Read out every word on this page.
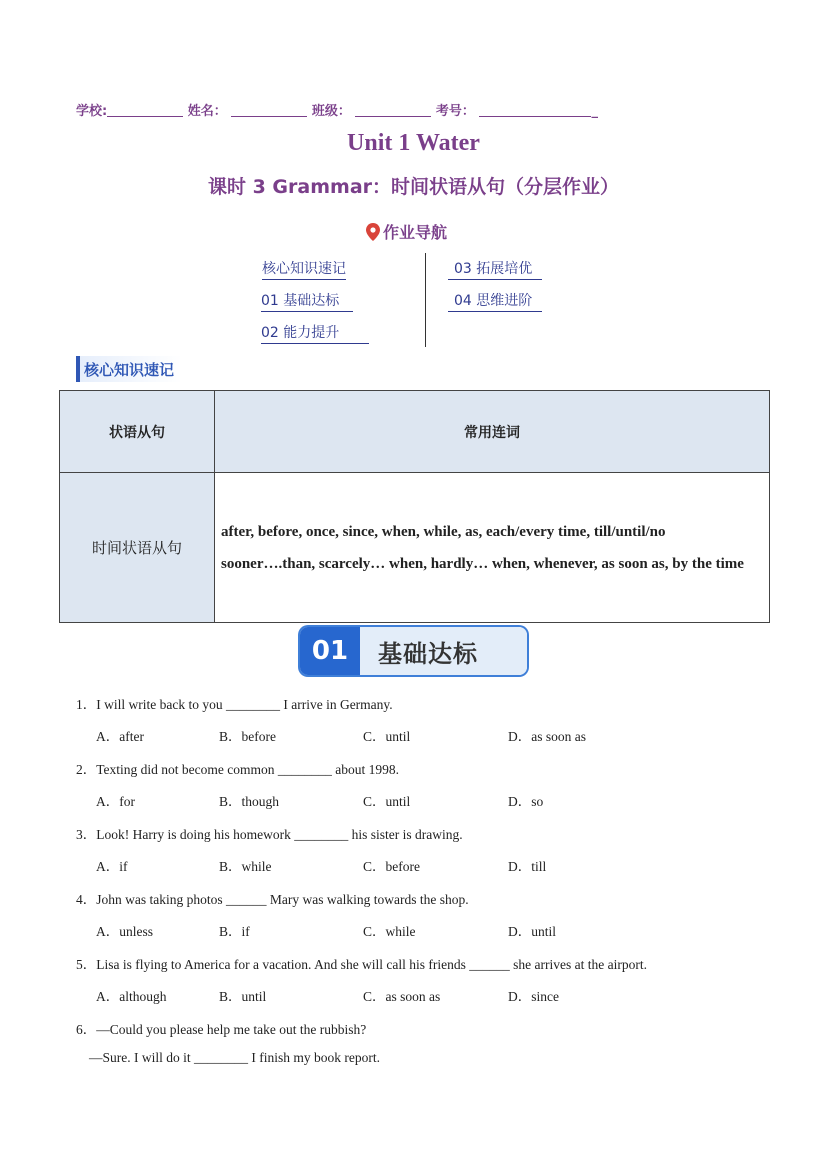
学校:	姓名：	班级：	考号：	_
Unit 1 Water
课时 3 Grammar：时间状语从句（分层作业）
作业导航
核心知识速记
01 基础达标
02 能力提升
03 拓展培优
04 思维进阶
核心知识速记
状语从句	常用连词
时间状语从句	after, before, once, since, when, while, as, each/every time, till/until/no sooner….than, scarcely… when, hardly… when, whenever, as soon as, by the time
01	基础达标
1．I will write back to you ________ I arrive in Germany.
A．after	B．before	C．until	D．as soon as
2．Texting did not become common ________ about 1998.
A．for	B．though	C．until	D．so
3．Look! Harry is doing his homework ________ his sister is drawing.
A．if	B．while	C．before	D．till
4．John was taking photos ______ Mary was walking towards the shop.
A．unless	B．if	C．while	D．until
5．Lisa is flying to America for a vacation. And she will call his friends ______ she arrives at the airport.
A．although	B．until	C．as soon as	D．since
6．—Could you please help me take out the rubbish?
—Sure. I will do it ________ I finish my book report.
